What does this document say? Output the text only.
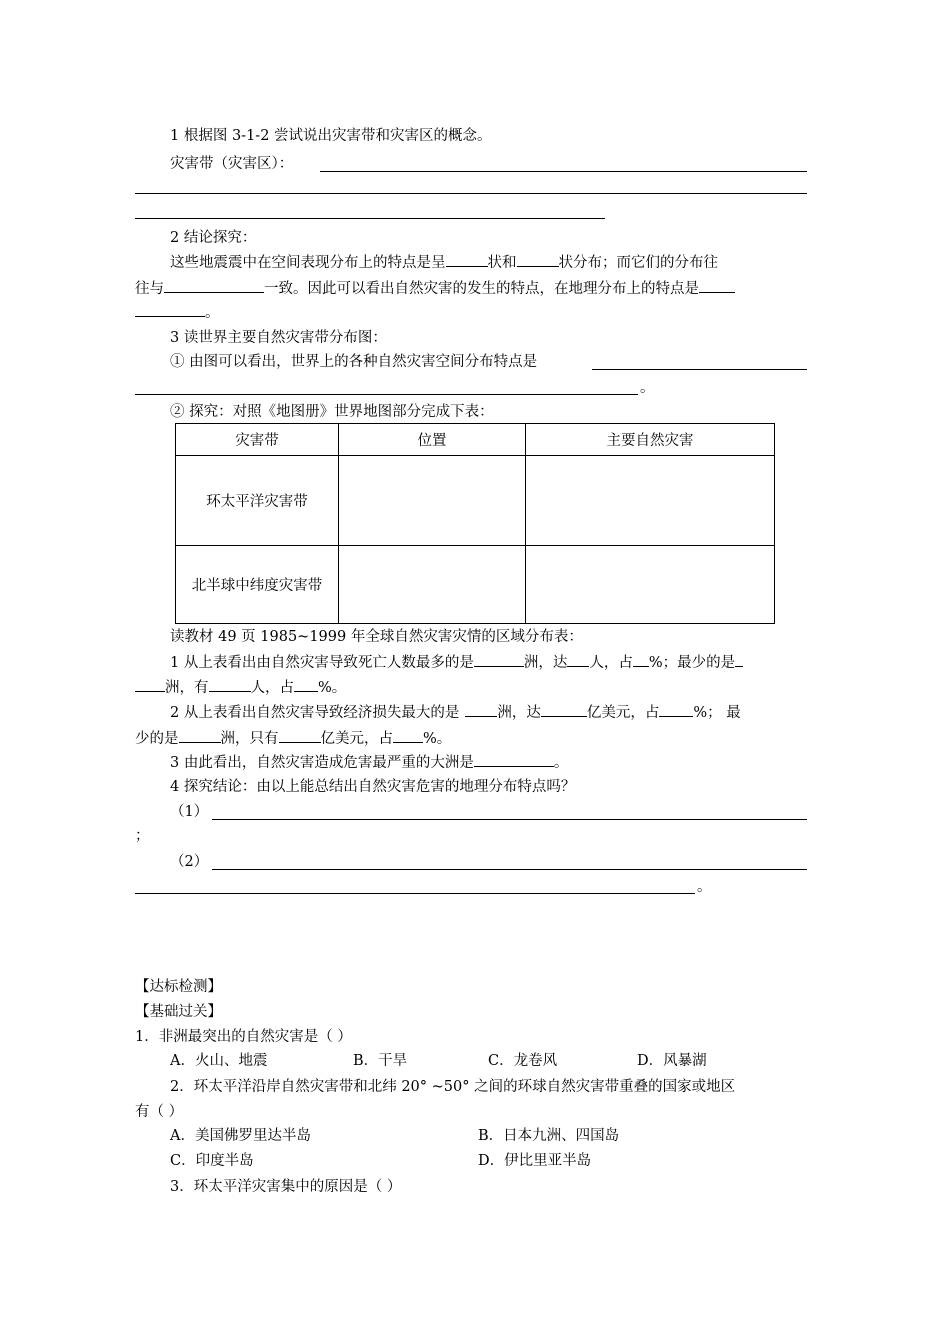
1 根据图 3-1-2 尝试说出灾害带和灾害区的概念。
灾害带（灾害区）：
2 结论探究：
这些地震震中在空间表现分布上的特点是呈	状和	状分布；而它们的分布往
往与	一致。因此可以看出自然灾害的发生的特点，在地理分布上的特点是
。
3 读世界主要自然灾害带分布图：
① 由图可以看出，世界上的各种自然灾害空间分布特点是
。
② 探究：对照《地图册》世界地图部分完成下表：
灾害带	位置	主要自然灾害
环太平洋灾害带		
北半球中纬度灾害带		
读教材 49 页 1985~1999 年全球自然灾害灾情的区域分布表：
1 从上表看出由自然灾害导致死亡人数最多的是	洲，达 人，占 %；最少的是
洲，有	人，占 %。
2 从上表看出自然灾害导致经济损失最大的是	洲，达	亿美元，占 %； 最
少的是	洲，只有	亿美元，占 %。
3 由此看出，自然灾害造成危害最严重的大洲是	。
4 探究结论：由以上能总结出自然灾害危害的地理分布特点吗？
（1）
；
（2）
。
【达标检测】
【基础过关】
1．非洲最突出的自然灾害是（ ）
A．火山、地震	B．干旱	C．龙卷风	D．风暴湖
2．环太平洋沿岸自然灾害带和北纬 20° ~50° 之间的环球自然灾害带重叠的国家或地区
有（ ）
A．美国佛罗里达半岛	B．日本九洲、四国岛
C．印度半岛	D．伊比里亚半岛
3．环太平洋灾害集中的原因是（ ）
